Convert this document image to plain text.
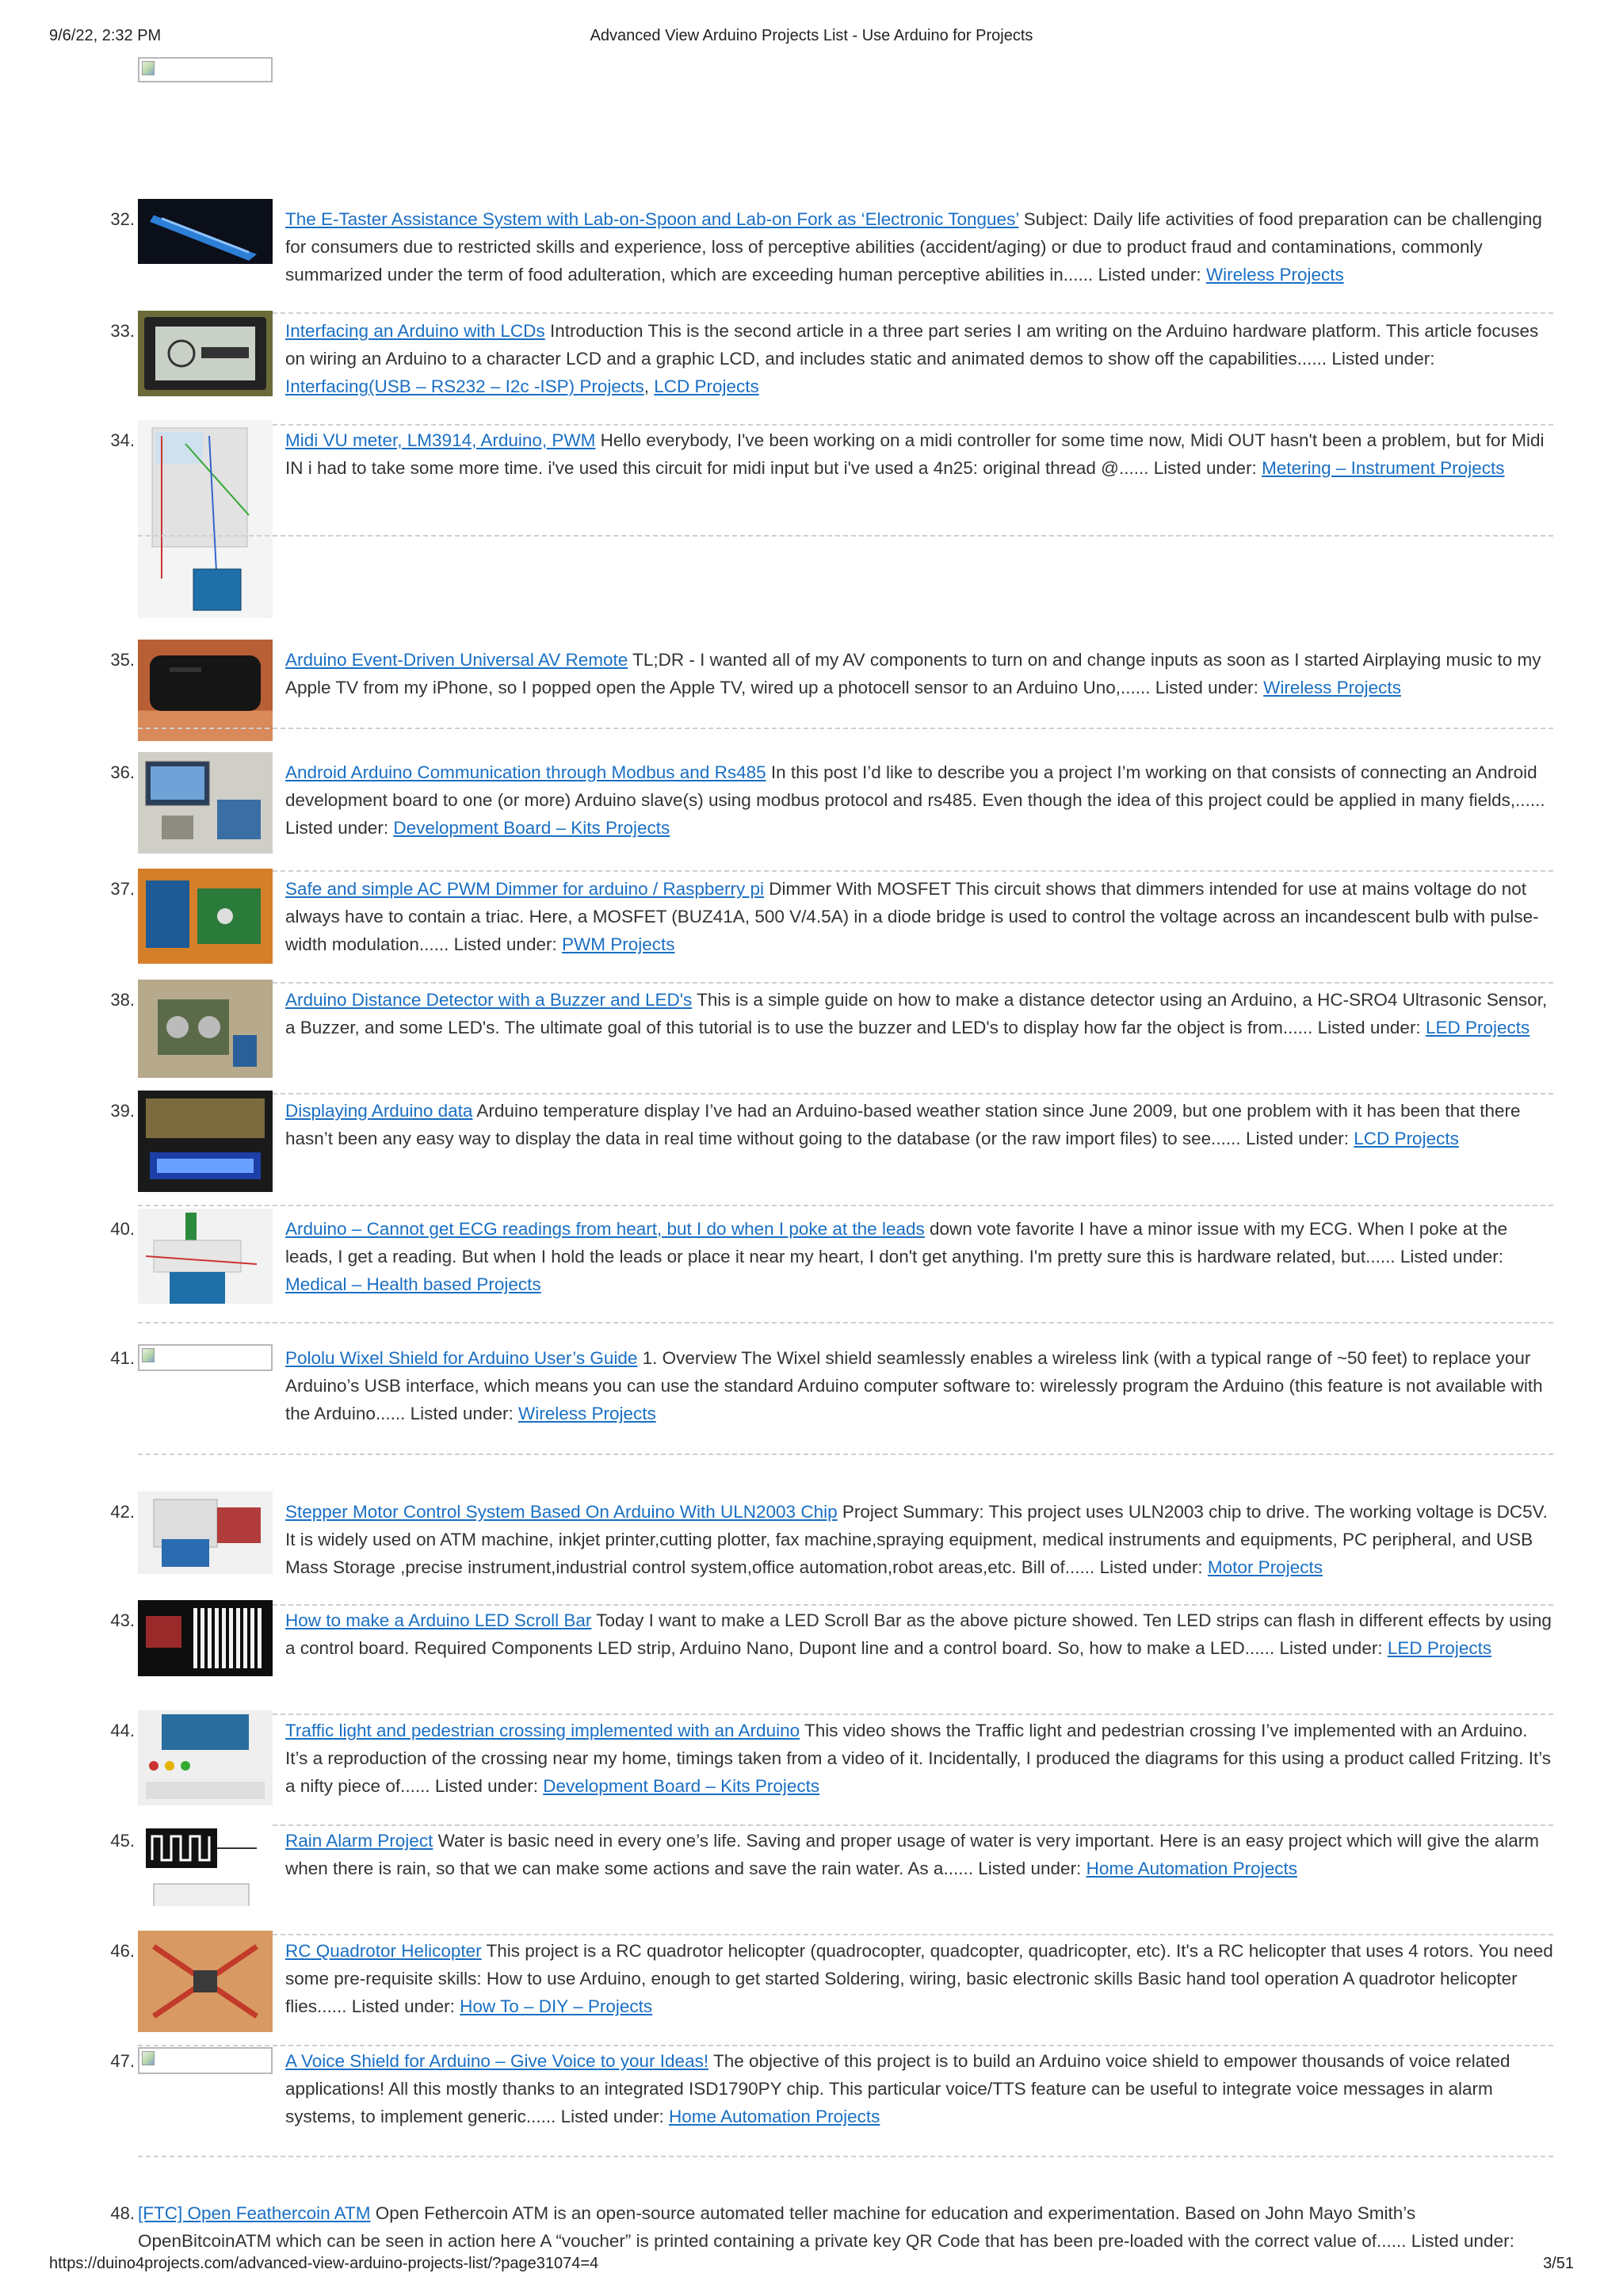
9/6/22, 2:32 PM	Advanced View Arduino Projects List - Use Arduino for Projects
32.	The E-Taster Assistance System with Lab-on-Spoon and Lab-on Fork as ‘Electronic Tongues’ Subject: Daily life activities of food preparation can be challenging for consumers due to restricted skills and experience, loss of perceptive abilities (accident/aging) or due to product fraud and contaminations, commonly summarized under the term of food adulteration, which are exceeding human perceptive abilities in...... Listed under: Wireless Projects
33.	Interfacing an Arduino with LCDs Introduction This is the second article in a three part series I am writing on the Arduino hardware platform. This article focuses on wiring an Arduino to a character LCD and a graphic LCD, and includes static and animated demos to show off the capabilities...... Listed under: Interfacing(USB – RS232 – I2c -ISP) Projects, LCD Projects
34.	Midi VU meter, LM3914, Arduino, PWM Hello everybody, I've been working on a midi controller for some time now, Midi OUT hasn't been a problem, but for Midi IN i had to take some more time. i've used this circuit for midi input but i've used a 4n25: original thread @...... Listed under: Metering – Instrument Projects
35.	Arduino Event-Driven Universal AV Remote TL;DR - I wanted all of my AV components to turn on and change inputs as soon as I started Airplaying music to my Apple TV from my iPhone, so I popped open the Apple TV, wired up a photocell sensor to an Arduino Uno,...... Listed under: Wireless Projects
36.	Android Arduino Communication through Modbus and Rs485 In this post I’d like to describe you a project I’m working on that consists of connecting an Android development board to one (or more) Arduino slave(s) using modbus protocol and rs485. Even though the idea of this project could be applied in many fields,...... Listed under: Development Board – Kits Projects
37.	Safe and simple AC PWM Dimmer for arduino / Raspberry pi Dimmer With MOSFET This circuit shows that dimmers intended for use at mains voltage do not always have to contain a triac. Here, a MOSFET (BUZ41A, 500 V/4.5A) in a diode bridge is used to control the voltage across an incandescent bulb with pulse-width modulation...... Listed under: PWM Projects
38.	Arduino Distance Detector with a Buzzer and LED's This is a simple guide on how to make a distance detector using an Arduino, a HC-SRO4 Ultrasonic Sensor, a Buzzer, and some LED's. The ultimate goal of this tutorial is to use the buzzer and LED's to display how far the object is from...... Listed under: LED Projects
39.	Displaying Arduino data Arduino temperature display I’ve had an Arduino-based weather station since June 2009, but one problem with it has been that there hasn’t been any easy way to display the data in real time without going to the database (or the raw import files) to see...... Listed under: LCD Projects
40.	Arduino – Cannot get ECG readings from heart, but I do when I poke at the leads down vote favorite I have a minor issue with my ECG. When I poke at the leads, I get a reading. But when I hold the leads or place it near my heart, I don't get anything. I'm pretty sure this is hardware related, but...... Listed under: Medical – Health based Projects
41.	Pololu Wixel Shield for Arduino User’s Guide 1. Overview The Wixel shield seamlessly enables a wireless link (with a typical range of ~50 feet) to replace your Arduino’s USB interface, which means you can use the standard Arduino computer software to: wirelessly program the Arduino (this feature is not available with the Arduino...... Listed under: Wireless Projects
42.	Stepper Motor Control System Based On Arduino With ULN2003 Chip Project Summary: This project uses ULN2003 chip to drive. The working voltage is DC5V. It is widely used on ATM machine, inkjet printer,cutting plotter, fax machine,spraying equipment, medical instruments and equipments, PC peripheral, and USB Mass Storage ,precise instrument,industrial control system,office automation,robot areas,etc. Bill of...... Listed under: Motor Projects
43.	How to make a Arduino LED Scroll Bar Today I want to make a LED Scroll Bar as the above picture showed. Ten LED strips can flash in different effects by using a control board. Required Components LED strip, Arduino Nano, Dupont line and a control board. So, how to make a LED...... Listed under: LED Projects
44.	Traffic light and pedestrian crossing implemented with an Arduino This video shows the Traffic light and pedestrian crossing I’ve implemented with an Arduino. It’s a reproduction of the crossing near my home, timings taken from a video of it. Incidentally, I produced the diagrams for this using a product called Fritzing. It’s a nifty piece of...... Listed under: Development Board – Kits Projects
45.	Rain Alarm Project Water is basic need in every one’s life. Saving and proper usage of water is very important. Here is an easy project which will give the alarm when there is rain, so that we can make some actions and save the rain water. As a...... Listed under: Home Automation Projects
46.	RC Quadrotor Helicopter This project is a RC quadrotor helicopter (quadrocopter, quadcopter, quadricopter, etc). It's a RC helicopter that uses 4 rotors. You need some pre-requisite skills: How to use Arduino, enough to get started Soldering, wiring, basic electronic skills Basic hand tool operation A quadrotor helicopter flies...... Listed under: How To – DIY – Projects
47.	A Voice Shield for Arduino – Give Voice to your Ideas! The objective of this project is to build an Arduino voice shield to empower thousands of voice related applications! All this mostly thanks to an integrated ISD1790PY chip. This particular voice/TTS feature can be useful to integrate voice messages in alarm systems, to implement generic...... Listed under: Home Automation Projects
48. [FTC] Open Feathercoin ATM Open Fethercoin ATM is an open-source automated teller machine for education and experimentation. Based on John Mayo Smith’s OpenBitcoinATM which can be seen in action here A “voucher” is printed containing a private key QR Code that has been pre-loaded with the correct value of...... Listed under:
https://duino4projects.com/advanced-view-arduino-projects-list/?page31074=4	3/51
